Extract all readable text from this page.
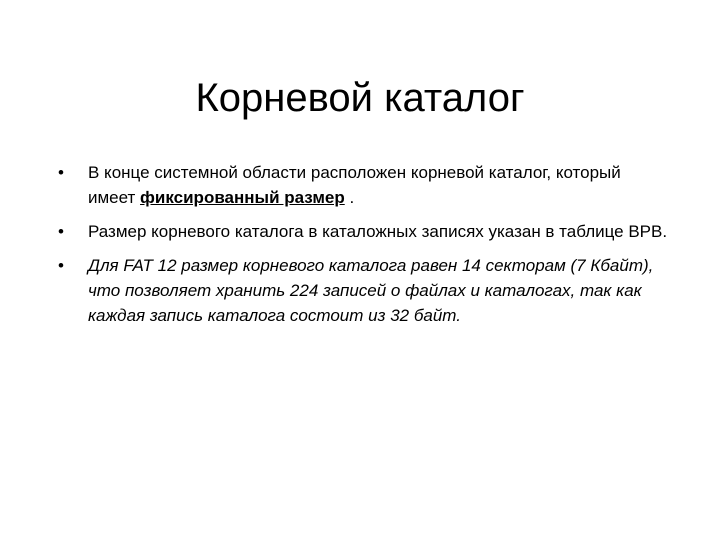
Корневой каталог
• В конце системной области расположен корневой каталог, который имеет фиксированный размер .
• Размер корневого каталога в каталожных записях указан в таблице BPB.
• Для FAT 12 размер корневого каталога равен 14 секторам (7 Кбайт), что позволяет хранить 224 записей о файлах и каталогах, так как каждая запись каталога состоит из 32 байт.
